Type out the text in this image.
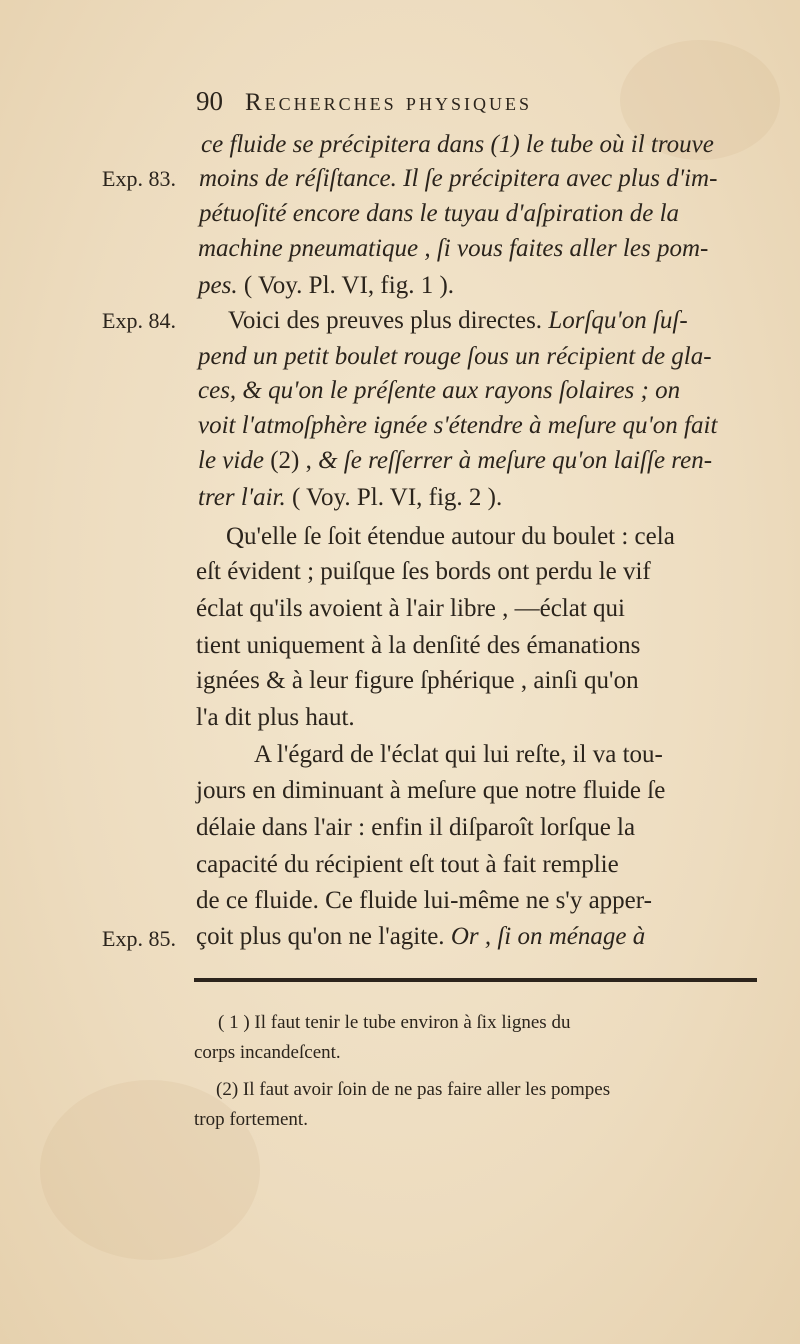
90 Recherches physiques
Exp. 83.
Exp. 84.
Exp. 85.
ce fluide se précipitera dans (1) le tube où il trouve
moins de réſiſtance. Il ſe précipitera avec plus d'im-
pétuoſité encore dans le tuyau d'aſpiration de la
machine pneumatique , ſi vous faites aller les pom-
pes. ( Voy. Pl. VI, fig. 1 ).
Voici des preuves plus directes. Lorſqu'on ſuſ-
pend un petit boulet rouge ſous un récipient de gla-
ces, & qu'on le préſente aux rayons ſolaires ; on
voit l'atmoſphère ignée s'étendre à meſure qu'on fait
le vide (2) , & ſe reſſerrer à meſure qu'on laiſſe ren-
trer l'air. ( Voy. Pl. VI, fig. 2 ).
Qu'elle ſe ſoit étendue autour du boulet : cela
eſt évident ; puiſque ſes bords ont perdu le vif
éclat qu'ils avoient à l'air libre , —éclat qui
tient uniquement à la denſité des émanations
ignées & à leur figure ſphérique , ainſi qu'on
l'a dit plus haut.
A l'égard de l'éclat qui lui reſte, il va tou-
jours en diminuant à meſure que notre fluide ſe
délaie dans l'air : enfin il diſparoît lorſque la
capacité du récipient eſt tout à fait remplie
de ce fluide. Ce fluide lui-même ne s'y apper-
çoit plus qu'on ne l'agite. Or , ſi on ménage à
( 1 ) Il faut tenir le tube environ à ſix lignes du
corps incandeſcent.
(2) Il faut avoir ſoin de ne pas faire aller les pompes
trop fortement.
